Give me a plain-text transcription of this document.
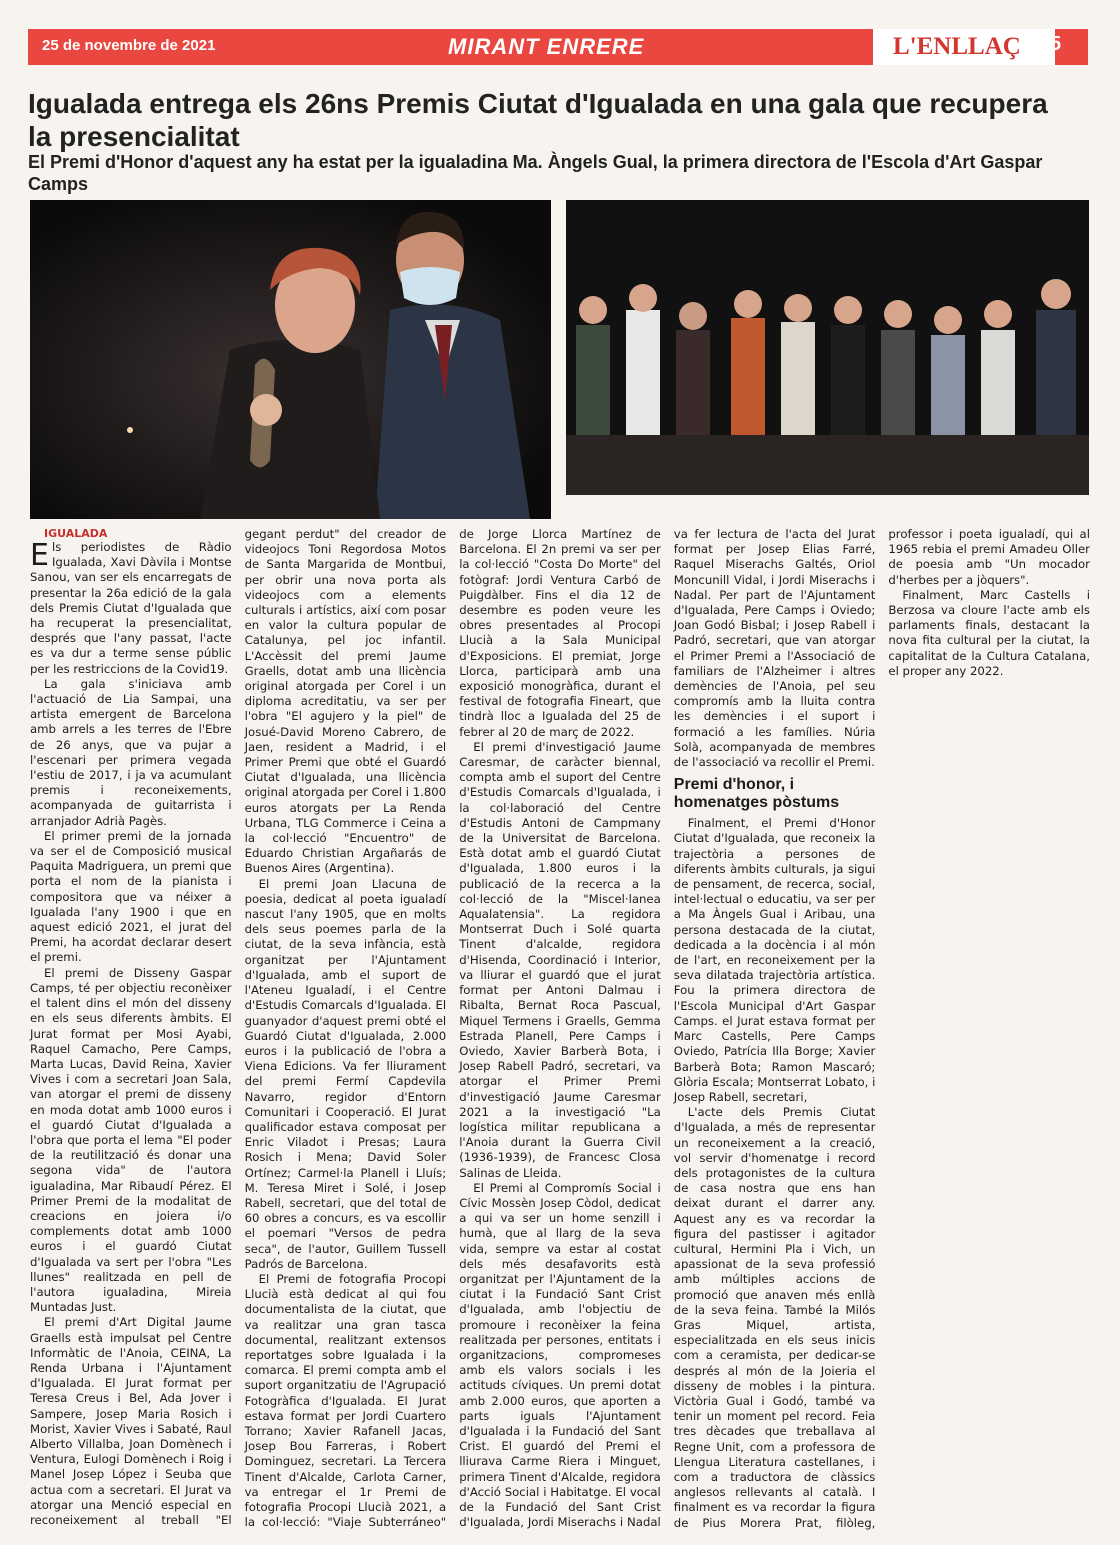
25 de novembre de 2021	MIRANT ENRERE	L'ENLLAÇ 5
Igualada entrega els 26ns Premis Ciutat d'Igualada en una gala que recupera la presencialitat
El Premi d'Honor d'aquest any ha estat per la igualadina Ma. Àngels Gual, la primera directora de l'Escola d'Art Gaspar Camps

IGUALADA

Els periodistes de Ràdio Igualada, Xavi Dàvila i Montse Sanou, van ser els encarregats de presentar la 26a edició de la gala dels Premis Ciutat d'Igualada que ha recuperat la presencialitat, després que l'any passat, l'acte es va dur a terme sense públic per les restriccions de la Covid19.

La gala s'iniciava amb l'actuació de Lia Sampai, una artista emergent de Barcelona amb arrels a les terres de l'Ebre de 26 anys, que va pujar a l'escenari per primera vegada l'estiu de 2017, i ja va acumulant premis i reconeixements, acompanyada de guitarrista i arranjador Adrià Pagès.

El primer premi de la jornada va ser el de Composició musical Paquita Madriguera, un premi que porta el nom de la pianista i compositora que va néixer a Igualada l'any 1900 i que en aquest edició 2021, el jurat del Premi, ha acordat declarar desert el premi.

El premi de Disseny Gaspar Camps, té per objectiu reconèixer el talent dins el món del disseny en els seus diferents àmbits. El Jurat format per Mosi Ayabi, Raquel Camacho, Pere Camps, Marta Lucas, David Reina, Xavier Vives i com a secretari Joan Sala, van atorgar el premi de disseny en moda dotat amb 1000 euros i el guardó Ciutat d'Igualada a l'obra que porta el lema "El poder de la reutilització és donar una segona vida" de l'autora igualadina, Mar Ribaudí Pérez. El Primer Premi de la modalitat de creacions en joiera i/o complements dotat amb 1000 euros i el guardó Ciutat d'Igualada va sert per l'obra "Les llunes" realitzada en pell de l'autora igualadina, Mireia Muntadas Just.

El premi d'Art Digital Jaume Graells està impulsat pel Centre Informàtic de l'Anoia, CEINA, La Renda Urbana i l'Ajuntament d'Igualada. El Jurat format per Teresa Creus i Bel, Ada Jover i Sampere, Josep Maria Rosich i Morist, Xavier Vives i Sabaté, Raul Alberto Villalba, Joan Domènech i Ventura, Eulogi Domènech i Roig i Manel Josep López i Seuba que actua com a secretari. El Jurat va atorgar una Menció especial en reconeixement al treball "El gegant perdut" del creador de videojocs Toni Regordosa Motos de Santa Margarida de Montbui, per obrir una nova porta als videojocs com a elements culturals i artístics, així com posar en valor la cultura popular de Catalunya, pel joc infantil. L'Accèssit del premi Jaume Graells, dotat amb una llicència original atorgada per Corel i un diploma acreditatiu, va ser per l'obra "El agujero y la piel" de Josué-David Moreno Cabrero, de Jaen, resident a Madrid, i el Primer Premi que obté el Guardó Ciutat d'Igualada, una llicència original atorgada per Corel i 1.800 euros atorgats per La Renda Urbana, TLG Commerce i Ceina a la col·lecció "Encuentro" de Eduardo Christian Argañarás de Buenos Aires (Argentina).

El premi Joan Llacuna de poesia, dedicat al poeta igualadí nascut l'any 1905, que en molts dels seus poemes parla de la ciutat, de la seva infància, està organitzat per l'Ajuntament d'Igualada, amb el suport de l'Ateneu Igualadí, i el Centre d'Estudis Comarcals d'Igualada. El guanyador d'aquest premi obté el Guardó Ciutat d'Igualada, 2.000 euros i la publicació de l'obra a Viena Edicions. Va fer lliurament del premi Fermí Capdevila Navarro, regidor d'Entorn Comunitari i Cooperació. El Jurat qualificador estava composat per Enric Viladot i Presas; Laura Rosich i Mena; David Soler Ortínez; Carmel·la Planell i Lluís; M. Teresa Miret i Solé, i Josep Rabell, secretari, que del total de 60 obres a concurs, es va escollir el poemari "Versos de pedra seca", de l'autor, Guillem Tussell Padrós de Barcelona.

El Premi de fotografia Procopi Llucià està dedicat al qui fou documentalista de la ciutat, que va realitzar una gran tasca documental, realitzant extensos reportatges sobre Igualada i la comarca. El premi compta amb el suport organitzatiu de l'Agrupació Fotogràfica d'Igualada. El Jurat estava format per Jordi Cuartero Torrano; Xavier Rafanell Jacas, Josep Bou Farreras, i Robert Dominguez, secretari. La Tercera Tinent d'Alcalde, Carlota Carner, va entregar el 1r Premi de fotografia Procopi Llucià 2021, a la col·lecció: "Viaje Subterráneo" de Jorge Llorca Martínez de Barcelona. El 2n premi va ser per la col·lecció "Costa Do Morte" del fotògraf: Jordi Ventura Carbó de Puigdàlber. Fins el dia 12 de desembre es poden veure les obres presentades al Procopi Llucià a la Sala Municipal d'Exposicions. El premiat, Jorge Llorca, participarà amb una exposició monogràfica, durant el festival de fotografia Fineart, que tindrà lloc a Igualada del 25 de febrer al 20 de març de 2022.

El premi d'investigació Jaume Caresmar, de caràcter biennal, compta amb el suport del Centre d'Estudis Comarcals d'Igualada, i la col·laboració del Centre d'Estudis Antoni de Campmany de la Universitat de Barcelona. Està dotat amb el guardó Ciutat d'Igualada, 1.800 euros i la publicació de la recerca a la col·lecció de la "Miscel·lanea Aqualatensia". La regidora Montserrat Duch i Solé quarta Tinent d'alcalde, regidora d'Hisenda, Coordinació i Interior, va lliurar el guardó que el jurat format per Antoni Dalmau i Ribalta, Bernat Roca Pascual, Miquel Termens i Graells, Gemma Estrada Planell, Pere Camps i Oviedo, Xavier Barberà Bota, i Josep Rabell Padró, secretari, va atorgar el Primer Premi d'investigació Jaume Caresmar 2021 a la investigació "La logística militar republicana a l'Anoia durant la Guerra Civil (1936-1939), de Francesc Closa Salinas de Lleida.

El Premi al Compromís Social i Cívic Mossèn Josep Còdol, dedicat a qui va ser un home senzill i humà, que al llarg de la seva vida, sempre va estar al costat dels més desafavorits està organitzat per l'Ajuntament de la ciutat i la Fundació Sant Crist d'Igualada, amb l'objectiu de promoure i reconèixer la feina realitzada per persones, entitats i organitzacions, compromeses amb els valors socials i les actituds cíviques. Un premi dotat amb 2.000 euros, que aporten a parts iguals l'Ajuntament d'Igualada i la Fundació del Sant Crist. El guardó del Premi el lliurava Carme Riera i Minguet, primera Tinent d'Alcalde, regidora d'Acció Social i Habitatge. El vocal de la Fundació del Sant Crist d'Igualada, Jordi Miserachs i Nadal va fer lectura de l'acta del Jurat format per Josep Elias Farré, Raquel Miserachs Galtés, Oriol Moncunill Vidal, i Jordi Miserachs i Nadal. Per part de l'Ajuntament d'Igualada, Pere Camps i Oviedo; Joan Godó Bisbal; i Josep Rabell i Padró, secretari, que van atorgar el Primer Premi a l'Associació de familiars de l'Alzheimer i altres demències de l'Anoia, pel seu compromís amb la lluita contra les demències i el suport i formació a les famílies. Núria Solà, acompanyada de membres de l'associació va recollir el Premi.

Premi d'honor, i homenatges pòstums

Finalment, el Premi d'Honor Ciutat d'Igualada, que reconeix la trajectòria a persones de diferents àmbits culturals, ja sigui de pensament, de recerca, social, intel·lectual o educatiu, va ser per a Ma Àngels Gual i Aribau, una persona destacada de la ciutat, dedicada a la docència i al món de l'art, en reconeixement per la seva dilatada trajectòria artística. Fou la primera directora de l'Escola Municipal d'Art Gaspar Camps. el Jurat estava format per Marc Castells, Pere Camps Oviedo, Patrícia Illa Borge; Xavier Barberà Bota; Ramon Mascaró; Glòria Escala; Montserrat Lobato, i Josep Rabell, secretari,

L'acte dels Premis Ciutat d'Igualada, a més de representar un reconeixement a la creació, vol servir d'homenatge i record dels protagonistes de la cultura de casa nostra que ens han deixat durant el darrer any. Aquest any es va recordar la figura del pastisser i agitador cultural, Hermini Pla i Vich, un apassionat de la seva professió amb múltiples accions de promoció que anaven més enllà de la seva feina. També la Milós Gras Miquel, artista, especialitzada en els seus inicis com a ceramista, per dedicar-se després al món de la Joieria el disseny de mobles i la pintura. Victòria Gual i Godó, també va tenir un moment pel record. Feia tres dècades que treballava al Regne Unit, com a professora de Llengua Literatura castellanes, i com a traductora de clàssics anglesos rellevants al català. I finalment es va recordar la figura de Pius Morera Prat, filòleg, professor i poeta igualadí, qui al 1965 rebia el premi Amadeu Oller de poesia amb "Un mocador d'herbes per a jòquers".

Finalment, Marc Castells i Berzosa va cloure l'acte amb els parlaments finals, destacant la nova fita cultural per la ciutat, la capitalitat de la Cultura Catalana, el proper any 2022.
